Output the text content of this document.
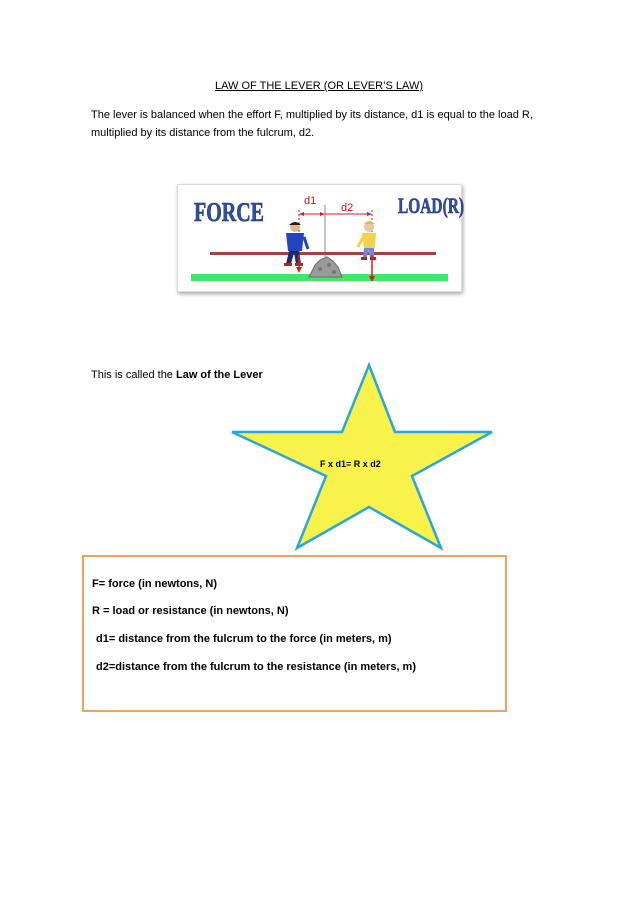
LAW OF THE LEVER (OR LEVER’S LAW)
The lever is balanced when the effort F, multiplied by its distance, d1 is equal to the load R, multiplied by its distance from the fulcrum, d2.
FORCE	LOAD(R)
d1
d2
This is called the Law of the Lever
F x d1= R x d2
F= force (in newtons, N)
R = load or resistance (in newtons, N)
d1= distance from the fulcrum to the force (in meters, m)
d2=distance from the fulcrum to the resistance (in meters, m)
